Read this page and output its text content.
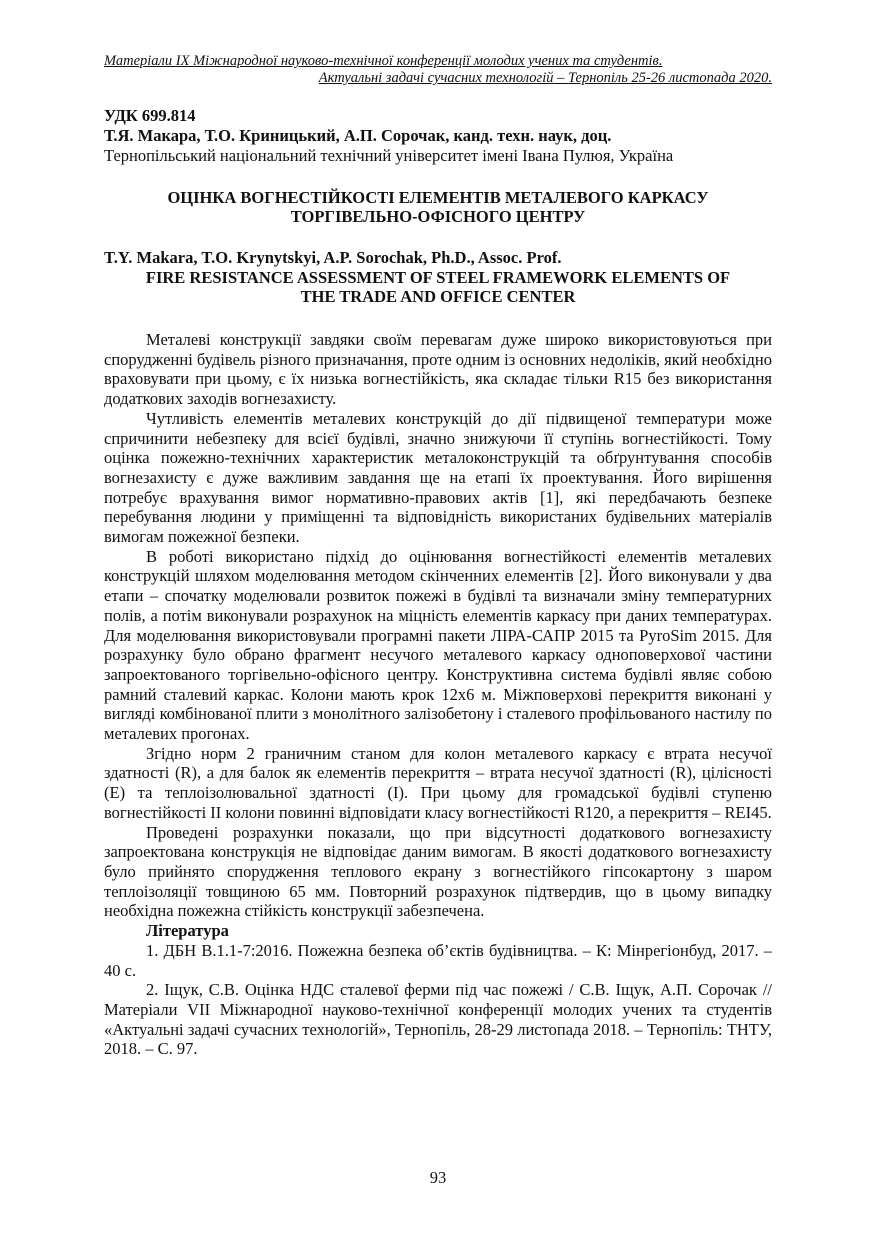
Матеріали IX Міжнародної науково-технічної конференції молодих учених та студентів.
Актуальні задачі сучасних технологій – Тернопіль 25-26 листопада 2020.
УДК 699.814
Т.Я. Макара, Т.О. Криницький, А.П. Сорочак, канд. техн. наук, доц.
Тернопільський національний технічний університет імені Івана Пулюя, Україна
ОЦІНКА ВОГНЕСТІЙКОСТІ ЕЛЕМЕНТІВ МЕТАЛЕВОГО КАРКАСУ
ТОРГІВЕЛЬНО-ОФІСНОГО ЦЕНТРУ
T.Y. Makara, T.O. Krynytskyi, A.P. Sorochak, Ph.D., Assoc. Prof.
FIRE RESISTANCE ASSESSMENT OF STEEL FRAMEWORK ELEMENTS OF
THE TRADE AND OFFICE CENTER

Металеві конструкції завдяки своїм перевагам дуже широко використовуються при спорудженні будівель різного призначання, проте одним із основних недоліків, який необхідно враховувати при цьому, є їх низька вогнестійкість, яка складає тільки R15 без використання додаткових заходів вогнезахисту.

Чутливість елементів металевих конструкцій до дії підвищеної температури може спричинити небезпеку для всієї будівлі, значно знижуючи її ступінь вогнестійкості. Тому оцінка пожежно-технічних характеристик металоконструкцій та обґрунтування способів вогнезахисту є дуже важливим завдання ще на етапі їх проектування. Його вирішення потребує врахування вимог нормативно-правових актів [1], які передбачають безпеке перебування людини у приміщенні та відповідність використаних будівельних матеріалів вимогам пожежної безпеки.

В роботі використано підхід до оцінювання вогнестійкості елементів металевих конструкцій шляхом моделювання методом скінченних елементів [2]. Його виконували у два етапи – спочатку моделювали розвиток пожежі в будівлі та визначали зміну температурних полів, а потім виконували розрахунок на міцність елементів каркасу при даних температурах. Для моделювання використовували програмні пакети ЛІРА-САПР 2015 та PyroSim 2015. Для розрахунку було обрано фрагмент несучого металевого каркасу одноповерхової частини запроектованого торгівельно-офісного центру. Конструктивна система будівлі являє собою рамний сталевий каркас. Колони мають крок 12х6 м. Міжповерхові перекриття виконані у вигляді комбінованої плити з монолітного залізобетону і сталевого профільованого настилу по металевих прогонах.

Згідно норм 2 граничним станом для колон металевого каркасу є втрата несучої здатності (R), а для балок як елементів перекриття – втрата несучої здатності (R), цілісності (E) та теплоізолювальної здатності (I). При цьому для громадської будівлі ступеню вогнестійкості II колони повинні відповідати класу вогнестійкості R120, а перекриття – REI45.

Проведені розрахунки показали, що при відсутності додаткового вогнезахисту запроектована конструкція не відповідає даним вимогам. В якості додаткового вогнезахисту було прийнято спорудження теплового екрану з вогнестійкого гіпсокартону з шаром теплоізоляції товщиною 65 мм. Повторний розрахунок підтвердив, що в цьому випадку необхідна пожежна стійкість конструкції забезпечена.

Література

1. ДБН В.1.1-7:2016. Пожежна безпека об’єктів будівництва. – К: Мінрегіонбуд, 2017. – 40 с.

2. Іщук, С.В. Оцінка НДС сталевої ферми під час пожежі / С.В. Іщук, А.П. Сорочак // Матеріали VII Міжнародної науково-технічної конференції молодих учених та студентів «Актуальні задачі сучасних технологій», Тернопіль, 28-29 листопада 2018. – Тернопіль: ТНТУ, 2018. – С. 97.

93
